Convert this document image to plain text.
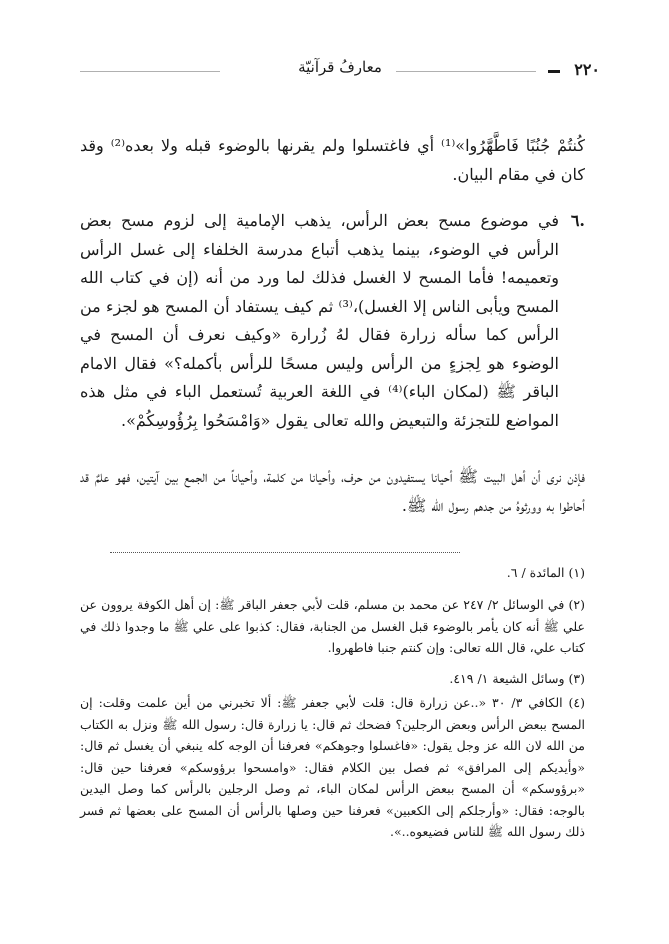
٢٢٠
معارفُ قرآنيّة
كُنتُمْ جُنُبًا فَاطَّهَّرُوا»⁽¹⁾ أي فاغتسلوا ولم يقرنها بالوضوء قبله ولا بعده⁽²⁾ وقد كان في مقام البيان.
.٦
في موضوع مسح بعض الرأس، يذهب الإمامية إلى لزوم مسح بعض الرأس في الوضوء، بينما يذهب أتباع مدرسة الخلفاء إلى غسل الرأس وتعميمه! فأما المسح لا الغسل فذلك لما ورد من أنه (إن في كتاب الله المسح ويأبى الناس إلا الغسل)،⁽³⁾ ثم كيف يستفاد أن المسح هو لجزء من الرأس كما سأله زرارة فقال لهُ زُرارة «وكيف نعرف أن المسح في الوضوء هو لِجزءٍ من الرأس وليس مسحًا للرأس بأكمله؟» فقال الامام الباقر ﷺ (لمكان الباء)⁽⁴⁾ في اللغة العربية تُستعمل الباء في مثل هذه المواضع للتجزئة والتبعيض والله تعالى يقول «وَامْسَحُوا بِرُؤُوسِكُمْ».
فإذن نرى أن أهل البيت ﷺ أحيانا يستفيدون من حرف، وأحيانا من كلمة، وأحياناً من الجمع بين آيتين، فهو علمٌ قد أحاطوا به وورثوهُ من جدهم رسول الله ﷺ.
(١) المائدة / ٦.
(٢) في الوسائل ٢/ ٢٤٧ عن محمد بن مسلم، قلت لأبي جعفر الباقر ﷺ: إن أهل الكوفة يروون عن علي ﷺ أنه كان يأمر بالوضوء قبل الغسل من الجنابة، فقال: كذبوا على علي ﷺ ما وجدوا ذلك في كتاب علي، قال الله تعالى: وإن كنتم جنبا فاطهروا.
(٣) وسائل الشيعة ١/ ٤١٩.
(٤) الكافي ٣/ ٣٠ «..عن زرارة قال: قلت لأبي جعفر ﷺ: ألا تخبرني من أين علمت وقلت: إن المسح ببعض الرأس وبعض الرجلين؟ فضحك ثم قال: يا زرارة قال: رسول الله ﷺ ونزل به الكتاب من الله لان الله عز وجل يقول: «فاغسلوا وجوهكم» فعرفنا أن الوجه كله ينبغي أن يغسل ثم قال: «وأيديكم إلى المرافق» ثم فصل بين الكلام فقال: «وامسحوا برؤوسكم» فعرفنا حين قال: «برؤوسكم» أن المسح ببعض الرأس لمكان الباء، ثم وصل الرجلين بالرأس كما وصل اليدين بالوجه: فقال: «وأرجلكم إلى الكعبين» فعرفنا حين وصلها بالرأس أن المسح على بعضها ثم فسر ذلك رسول الله ﷺ للناس فضيعوه..».
